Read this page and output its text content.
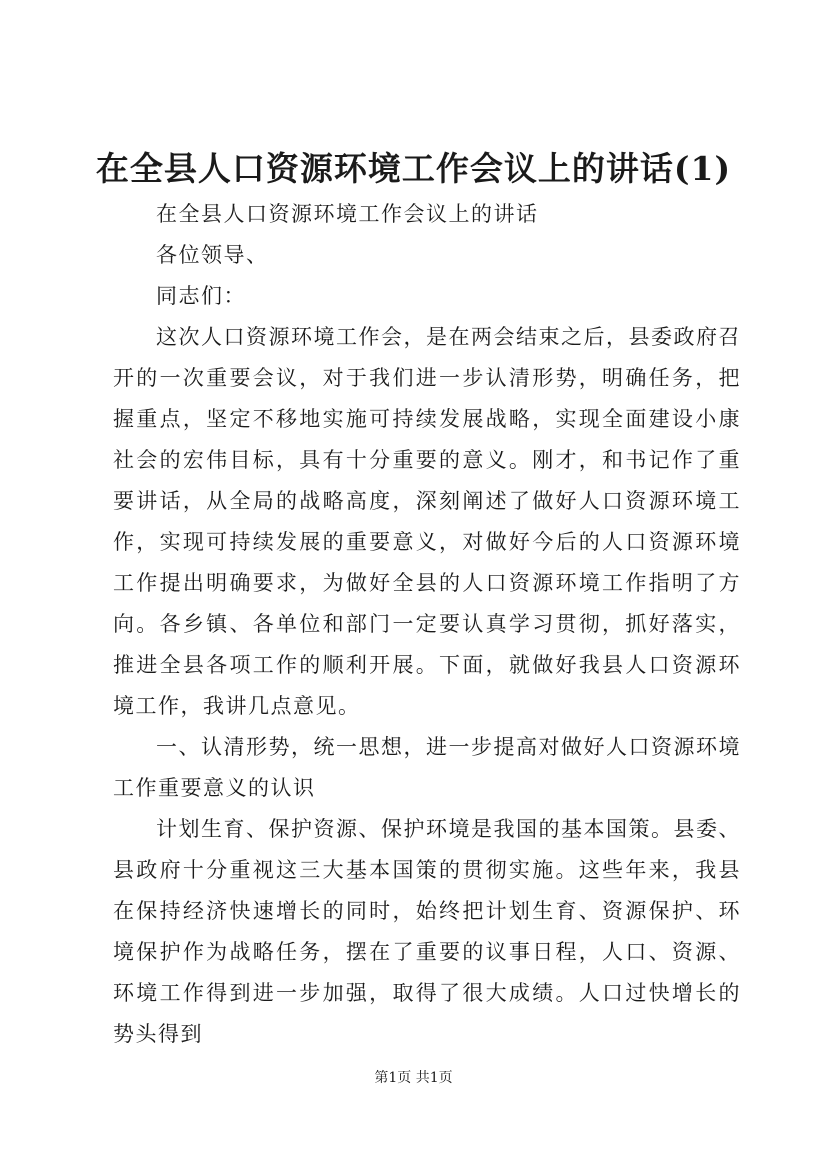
在全县人口资源环境工作会议上的讲话(1)

在全县人口资源环境工作会议上的讲话

各位领导、

同志们：

这次人口资源环境工作会，是在两会结束之后，县委政府召开的一次重要会议，对于我们进一步认清形势，明确任务，把握重点，坚定不移地实施可持续发展战略，实现全面建设小康社会的宏伟目标，具有十分重要的意义。刚才，和书记作了重要讲话，从全局的战略高度，深刻阐述了做好人口资源环境工作，实现可持续发展的重要意义，对做好今后的人口资源环境工作提出明确要求，为做好全县的人口资源环境工作指明了方向。各乡镇、各单位和部门一定要认真学习贯彻，抓好落实，推进全县各项工作的顺利开展。下面，就做好我县人口资源环境工作，我讲几点意见。

一、认清形势，统一思想，进一步提高对做好人口资源环境工作重要意义的认识

计划生育、保护资源、保护环境是我国的基本国策。县委、县政府十分重视这三大基本国策的贯彻实施。这些年来，我县在保持经济快速增长的同时，始终把计划生育、资源保护、环境保护作为战略任务，摆在了重要的议事日程，人口、资源、环境工作得到进一步加强，取得了很大成绩。人口过快增长的势头得到

第1页 共1页
